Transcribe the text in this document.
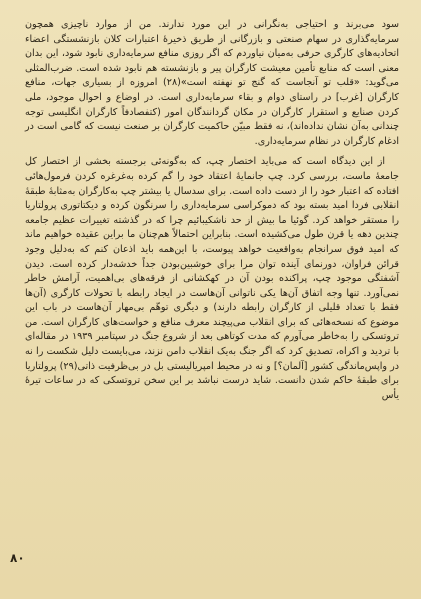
سود می‌برند و احتیاجی به‌نگرانی در این مورد ندارند. من از موارد ناچیزی همچون سرمایه‌گذاری در سهام صنعتی و بازرگانی از طریق ذخیرهٔ اعتبارات کلان بازنشستگی اعضاء اتحادیه‌های کارگری حرفی به‌میان نیاوردم که اگر روزی منافع سرمایه‌داری نابود شود، این بدان معنی است که منابع تأمین معیشت کارگران پیر و بازنشسته هم نابود شده است. ضرب‌المثلی می‌گوید: «قلب تو آنجاست که گنج تو نهفته است»(۲۸) امروزه از بسیاری جهات، منافع کارگران [غرب] در راستای دوام و بقاء سرمایه‌داری است. در اوضاع و احوال موجود، ملی کردن صنایع و استقرار کارگران در مکان گردانندگان امور (کتفصادفاً کارگران انگلیسی توجه چندانی به‌آن نشان نداده‌اند)، نه فقط مبیّن حاکمیت کارگران بر صنعت نیست که گامی است در ادغام کارگران در نظام سرمایه‌داری.

از این دیدگاه است که می‌باید اختصار چپ، که به‌گونه‌ئی برجسته بخشی از اختصار کل جامعهٔ ماست، بررسی کرد. چپ جانمایهٔ اعتقاد خود را گم کرده به‌غرغره کردن فرمول‌هائی افتاده که اعتبار خود را از دست داده است. برای سدسال یا بیشتر چپ به‌کارگران به‌مثابهٔ طبقهٔ انقلابی فردا امید بسته بود که دموکراسی سرمایه‌داری را سرنگون کرده و دیکتاتوری پرولتاریا را مستقر خواهد کرد. گوئیا ما بیش از حد ناشکیبائیم چرا که در گذشته تغییرات عظیم جامعه چندین دهه یا قرن طول می‌کشیده است. بنابراین احتمالاً هم‌چنان ما براین عقیده خواهیم ماند که امید فوق سرانجام به‌واقعیت خواهد پیوست، با این‌همه باید اذعان کنم که به‌دلیل وجود قرائن فراوان، دورنمای آینده توان مرا برای خوشبین‌بودن جداً خدشه‌دار کرده است. دیدن آشفتگی موجود چپ، پراکنده بودن آن در کهکشانی از فرقه‌های بی‌اهمیت، آرامش خاطر نمی‌آورد. تنها وجه اتفاق آن‌ها یکی ناتوانی آن‌هاست در ایجاد رابطه با تحولات کارگری (آن‌ها فقط با تعداد قلیلی از کارگران رابطه دارند) و دیگری توهّم بی‌مهار آن‌هاست در باب این موضوع که نسخه‌هائی که برای انقلاب می‌پیچند معرف منافع و خواست‌های کارگران است. من تروتسکی را به‌خاطر می‌آورم که مدت کوتاهی بعد از شروع جنگ در سپتامبر ۱۹۳۹ در مقاله‌ای با تردید و اکراه، تصدیق کرد که اگر جنگ به‌یک انقلاب دامن نزند، می‌بایست دلیل شکست را نه در واپس‌ماندگی کشور [آلمان؟] و نه در محیط امپریالیستی بل در بی‌ظرفیت ذاتی(۲۹) پرولتاریا برای طبقهٔ حاکم شدن دانست. شاید درست نباشد بر این سخن تروتسکی که در ساعات تیرهٔ یأس

۸۰
